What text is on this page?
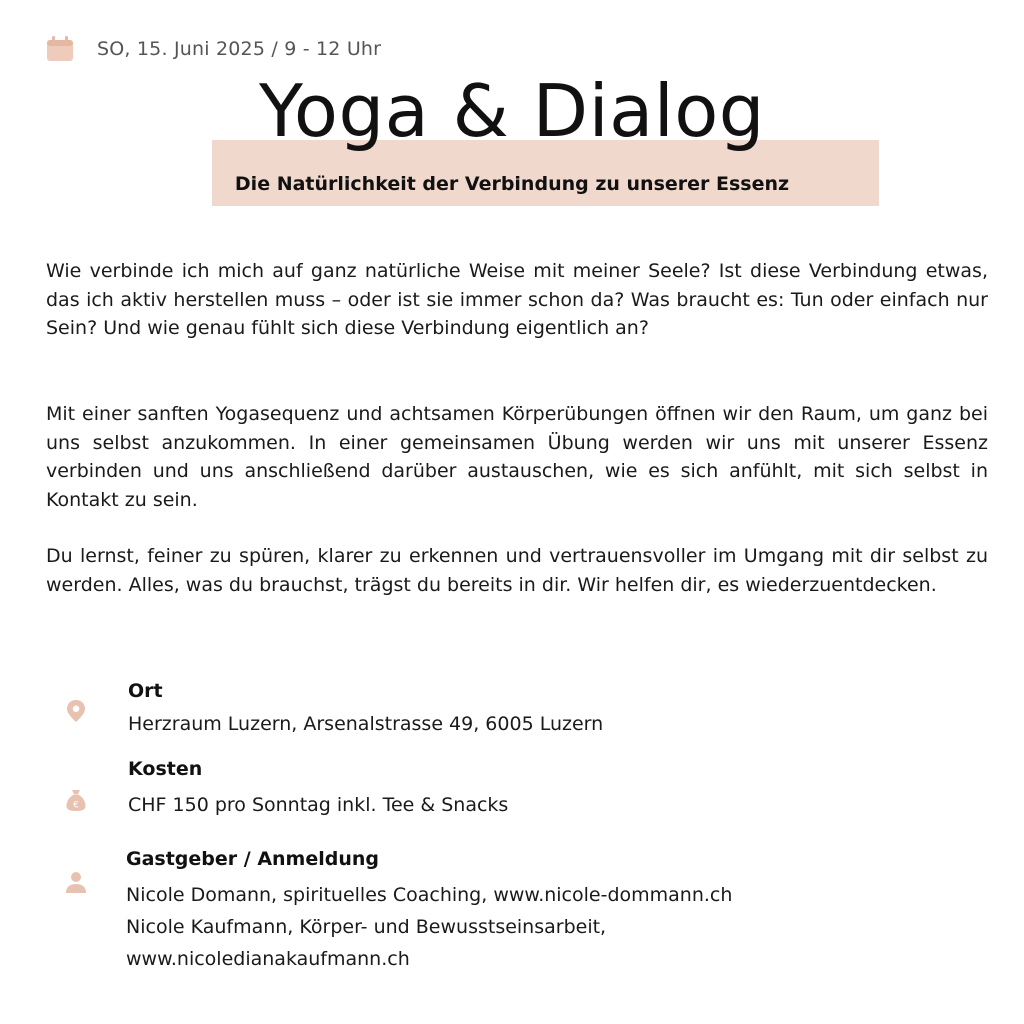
SO, 15. Juni 2025 / 9 - 12 Uhr
Yoga & Dialog

Die Natürlichkeit der Verbindung zu unserer Essenz

Wie verbinde ich mich auf ganz natürliche Weise mit meiner Seele? Ist diese Verbindung etwas, das ich aktiv herstellen muss – oder ist sie immer schon da? Was braucht es: Tun oder einfach nur Sein? Und wie genau fühlt sich diese Verbindung eigentlich an?

Mit einer sanften Yogasequenz und achtsamen Körperübungen öffnen wir den Raum, um ganz bei uns selbst anzukommen. In einer gemeinsamen Übung werden wir uns mit unserer Essenz verbinden und uns anschließend darüber austauschen, wie es sich anfühlt, mit sich selbst in Kontakt zu sein.

Du lernst, feiner zu spüren, klarer zu erkennen und vertrauensvoller im Umgang mit dir selbst zu werden. Alles, was du brauchst, trägst du bereits in dir. Wir helfen dir, es wiederzuentdecken.

Ort

Herzraum Luzern, Arsenalstrasse 49, 6005 Luzern

€

Kosten

CHF 150 pro Sonntag inkl. Tee & Snacks

Gastgeber / Anmeldung

Nicole Domann, spirituelles Coaching, www.nicole-dommann.ch

Nicole Kaufmann, Körper- und Bewusstseinsarbeit,

www.nicoledianakaufmann.ch
